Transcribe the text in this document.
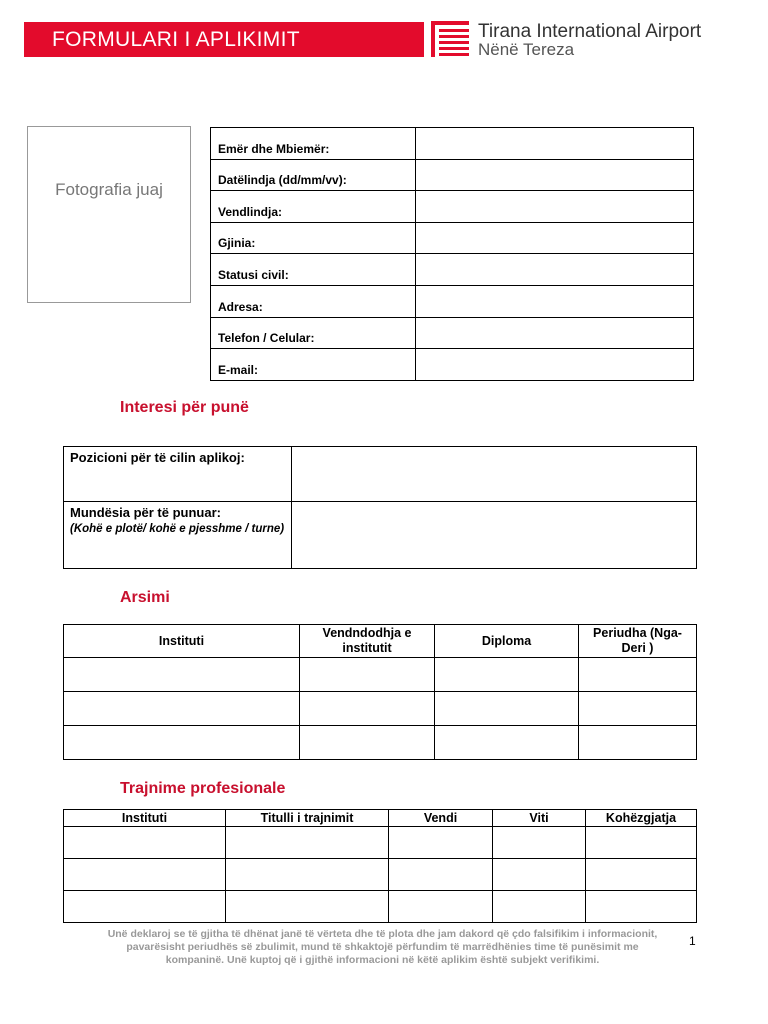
FORMULARI I APLIKIMIT	Tirana International Airport
Nënë Tereza
Fotografia juaj
Emër dhe Mbiemër:	
Datëlindja (dd/mm/vv):	
Vendlindja:	
Gjinia:	
Statusi civil:	
Adresa:	
Telefon / Celular:	
E-mail:	
Interesi për punë
Pozicioni për të cilin aplikoj:	
Mundësia për të punuar:
(Kohë e plotë/ kohë e pjesshme / turne)	

Arsimi
Instituti	Vendndodhja e institutit	Diploma	Periudha (Nga-Deri )

Trajnime profesionale
Instituti	Titulli i trajnimit	Vendi	Viti	Kohëzgjatja

Unë deklaroj se të gjitha të dhënat janë të vërteta dhe të plota dhe jam dakord që çdo falsifikim i informacionit, pavarësisht periudhës së zbulimit, mund të shkaktojë përfundim të marrëdhënies time të punësimit me kompaninë. Unë kuptoj që i gjithë informacioni në këtë aplikim është subjekt verifikimi.
1
